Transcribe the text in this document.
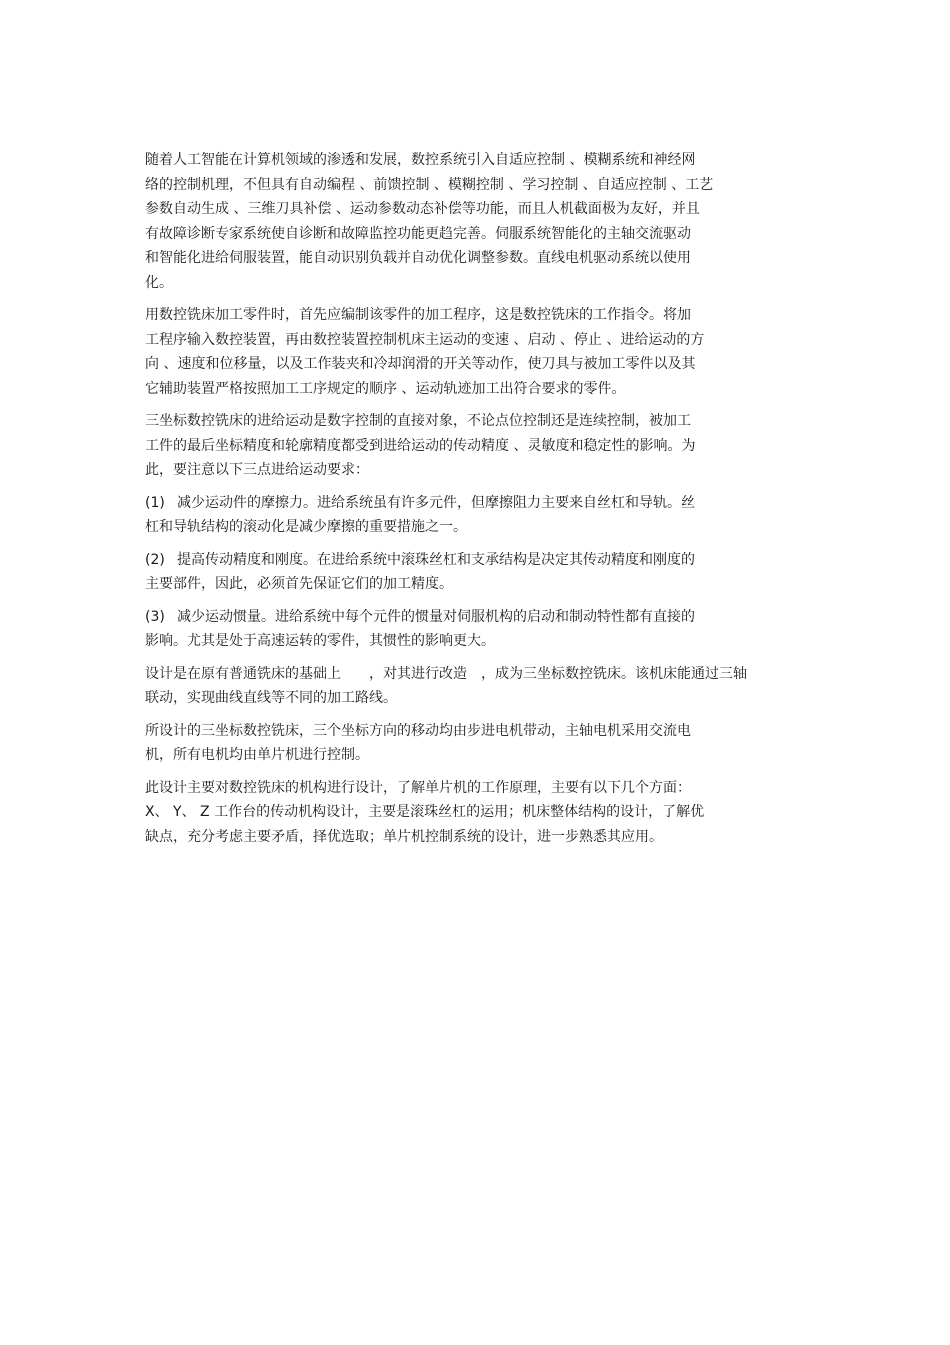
随着人工智能在计算机领域的渗透和发展，数控系统引入自适应控制 、模糊系统和神经网
络的控制机理，不但具有自动编程 、前馈控制 、模糊控制 、学习控制 、自适应控制 、工艺
参数自动生成 、三维刀具补偿 、运动参数动态补偿等功能，而且人机截面极为友好，并且
有故障诊断专家系统使自诊断和故障监控功能更趋完善。伺服系统智能化的主轴交流驱动
和智能化进给伺服装置，能自动识别负载并自动优化调整参数。直线电机驱动系统以使用
化。
用数控铣床加工零件时，首先应编制该零件的加工程序，这是数控铣床的工作指令。将加
工程序输入数控装置，再由数控装置控制机床主运动的变速 、启动 、停止 、进给运动的方
向 、速度和位移量，以及工作装夹和冷却润滑的开关等动作，使刀具与被加工零件以及其
它辅助装置严格按照加工工序规定的顺序 、运动轨迹加工出符合要求的零件。
三坐标数控铣床的进给运动是数字控制的直接对象，不论点位控制还是连续控制，被加工
工件的最后坐标精度和轮廓精度都受到进给运动的传动精度 、灵敏度和稳定性的影响。为
此，要注意以下三点进给运动要求：
(1) 减少运动件的摩擦力。进给系统虽有许多元件，但摩擦阻力主要来自丝杠和导轨。丝
杠和导轨结构的滚动化是减少摩擦的重要措施之一。
(2) 提高传动精度和刚度。在进给系统中滚珠丝杠和支承结构是决定其传动精度和刚度的
主要部件，因此，必须首先保证它们的加工精度。
(3) 减少运动惯量。进给系统中每个元件的惯量对伺服机构的启动和制动特性都有直接的
影响。尤其是处于高速运转的零件，其惯性的影响更大。
设计是在原有普通铣床的基础上　　，对其进行改造　，成为三坐标数控铣床。该机床能通过三轴
联动，实现曲线直线等不同的加工路线。
所设计的三坐标数控铣床，三个坐标方向的移动均由步进电机带动，主轴电机采用交流电
机，所有电机均由单片机进行控制。
此设计主要对数控铣床的机构进行设计，了解单片机的工作原理，主要有以下几个方面：
X、 Y、 Z 工作台的传动机构设计，主要是滚珠丝杠的运用；机床整体结构的设计，了解优
缺点，充分考虑主要矛盾，择优选取；单片机控制系统的设计，进一步熟悉其应用。
